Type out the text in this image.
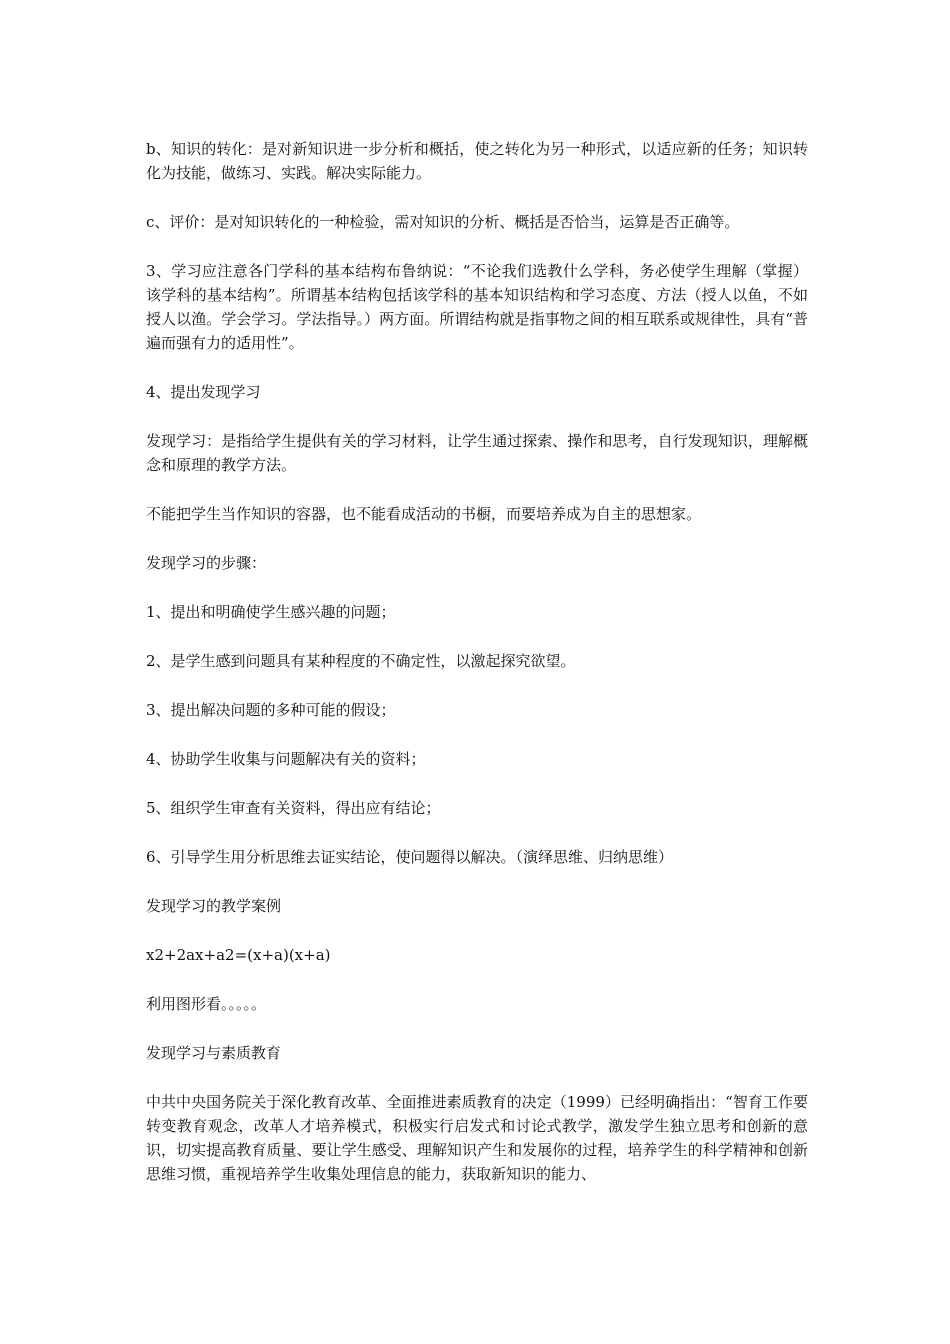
b、知识的转化：是对新知识进一步分析和概括，使之转化为另一种形式，以适应新的任务；知识转化为技能，做练习、实践。解决实际能力。

c、评价：是对知识转化的一种检验，需对知识的分析、概括是否恰当，运算是否正确等。

3、学习应注意各门学科的基本结构布鲁纳说：“不论我们选教什么学科，务必使学生理解（掌握）该学科的基本结构”。所谓基本结构包括该学科的基本知识结构和学习态度、方法（授人以鱼，不如授人以渔。学会学习。学法指导。）两方面。所谓结构就是指事物之间的相互联系或规律性，具有“普遍而强有力的适用性”。

4、提出发现学习

发现学习：是指给学生提供有关的学习材料，让学生通过探索、操作和思考，自行发现知识，理解概念和原理的教学方法。

不能把学生当作知识的容器，也不能看成活动的书橱，而要培养成为自主的思想家。

发现学习的步骤：

1、提出和明确使学生感兴趣的问题；

2、是学生感到问题具有某种程度的不确定性，以激起探究欲望。

3、提出解决问题的多种可能的假设；

4、协助学生收集与问题解决有关的资料；

5、组织学生审查有关资料，得出应有结论；

6、引导学生用分析思维去证实结论，使问题得以解决。（演绎思维、归纳思维）

发现学习的教学案例

x2+2ax+a2=(x+a)(x+a)

利用图形看。。。。。

发现学习与素质教育

中共中央国务院关于深化教育改革、全面推进素质教育的决定（1999）已经明确指出：“智育工作要转变教育观念，改革人才培养模式，积极实行启发式和讨论式教学，激发学生独立思考和创新的意识，切实提高教育质量、要让学生感受、理解知识产生和发展你的过程，培养学生的科学精神和创新思维习惯，重视培养学生收集处理信息的能力，获取新知识的能力、
